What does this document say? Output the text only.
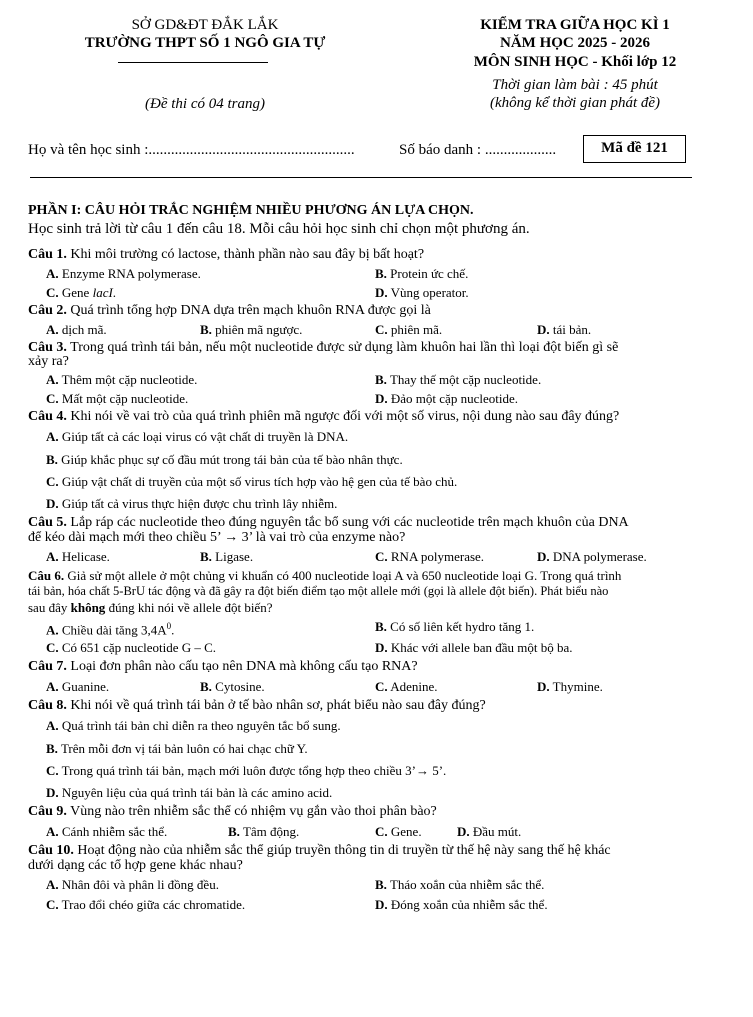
SỞ GD&ĐT ĐẮK LẮK
TRƯỜNG THPT SỐ 1 NGÔ GIA TỰ
(Đề thi có 04 trang)
KIỂM TRA GIỮA HỌC KÌ 1
NĂM HỌC 2025 - 2026
MÔN SINH HỌC - Khối lớp 12
Thời gian làm bài : 45 phút
(không kể thời gian phát đề)
Họ và tên học sinh :.......................................................	Số báo danh : ...................	Mã đề 121
PHẦN I: CÂU HỎI TRẮC NGHIỆM NHIỀU PHƯƠNG ÁN LỰA CHỌN.
Học sinh trả lời từ câu 1 đến câu 18. Mỗi câu hỏi học sinh chỉ chọn một phương án.
Câu 1. Khi môi trường có lactose, thành phần nào sau đây bị bất hoạt?
A. Enzyme RNA polymerase.	B. Protein ức chế.
C. Gene lacI.	D. Vùng operator.
Câu 2. Quá trình tổng hợp DNA dựa trên mạch khuôn RNA được gọi là
A. dịch mã.	B. phiên mã ngược.	C. phiên mã.	D. tái bản.
Câu 3. Trong quá trình tái bản, nếu một nucleotide được sử dụng làm khuôn hai lần thì loại đột biến gì sẽ
xảy ra?
A. Thêm một cặp nucleotide.	B. Thay thế một cặp nucleotide.
C. Mất một cặp nucleotide.	D. Đảo một cặp nucleotide.
Câu 4. Khi nói về vai trò của quá trình phiên mã ngược đối với một số virus, nội dung nào sau đây đúng?
A. Giúp tất cả các loại virus có vật chất di truyền là DNA.
B. Giúp khắc phục sự cố đầu mút trong tái bản của tế bào nhân thực.
C. Giúp vật chất di truyền của một số virus tích hợp vào hệ gen của tế bào chủ.
D. Giúp tất cả virus thực hiện được chu trình lây nhiễm.
Câu 5. Lắp ráp các nucleotide theo đúng nguyên tắc bổ sung với các nucleotide trên mạch khuôn của DNA
để kéo dài mạch mới theo chiều 5’ → 3’ là vai trò của enzyme nào?
A. Helicase.	B. Ligase.	C. RNA polymerase.	D. DNA polymerase.
Câu 6. Giả sử một allele ở một chủng vi khuẩn có 400 nucleotide loại A và 650 nucleotide loại G. Trong quá trình
tái bản, hóa chất 5-BrU tác động và đã gây ra đột biến điểm tạo một allele mới (gọi là allele đột biến). Phát biểu nào
sau đây không đúng khi nói về allele đột biến?
A. Chiều dài tăng $3,4A^0$.	B. Có số liên kết hydro tăng 1.
C. Có 651 cặp nucleotide G – C.	D. Khác với allele ban đầu một bộ ba.
Câu 7. Loại đơn phân nào cấu tạo nên DNA mà không cấu tạo RNA?
A. Guanine.	B. Cytosine.	C. Adenine.	D. Thymine.
Câu 8. Khi nói về quá trình tái bản ở tế bào nhân sơ, phát biểu nào sau đây đúng?
A. Quá trình tái bản chỉ diễn ra theo nguyên tắc bổ sung.
B. Trên mỗi đơn vị tái bản luôn có hai chạc chữ Y.
C. Trong quá trình tái bản, mạch mới luôn được tổng hợp theo chiều 3’→ 5’.
D. Nguyên liệu của quá trình tái bản là các amino acid.
Câu 9. Vùng nào trên nhiễm sắc thể có nhiệm vụ gắn vào thoi phân bào?
A. Cánh nhiễm sắc thể.	B. Tâm động.	C. Gene.	D. Đầu mút.
Câu 10. Hoạt động nào của nhiễm sắc thể giúp truyền thông tin di truyền từ thế hệ này sang thế hệ khác
dưới dạng các tổ hợp gene khác nhau?
A. Nhân đôi và phân li đồng đều.	B. Tháo xoắn của nhiễm sắc thể.
C. Trao đổi chéo giữa các chromatide.	D. Đóng xoắn của nhiễm sắc thể.
